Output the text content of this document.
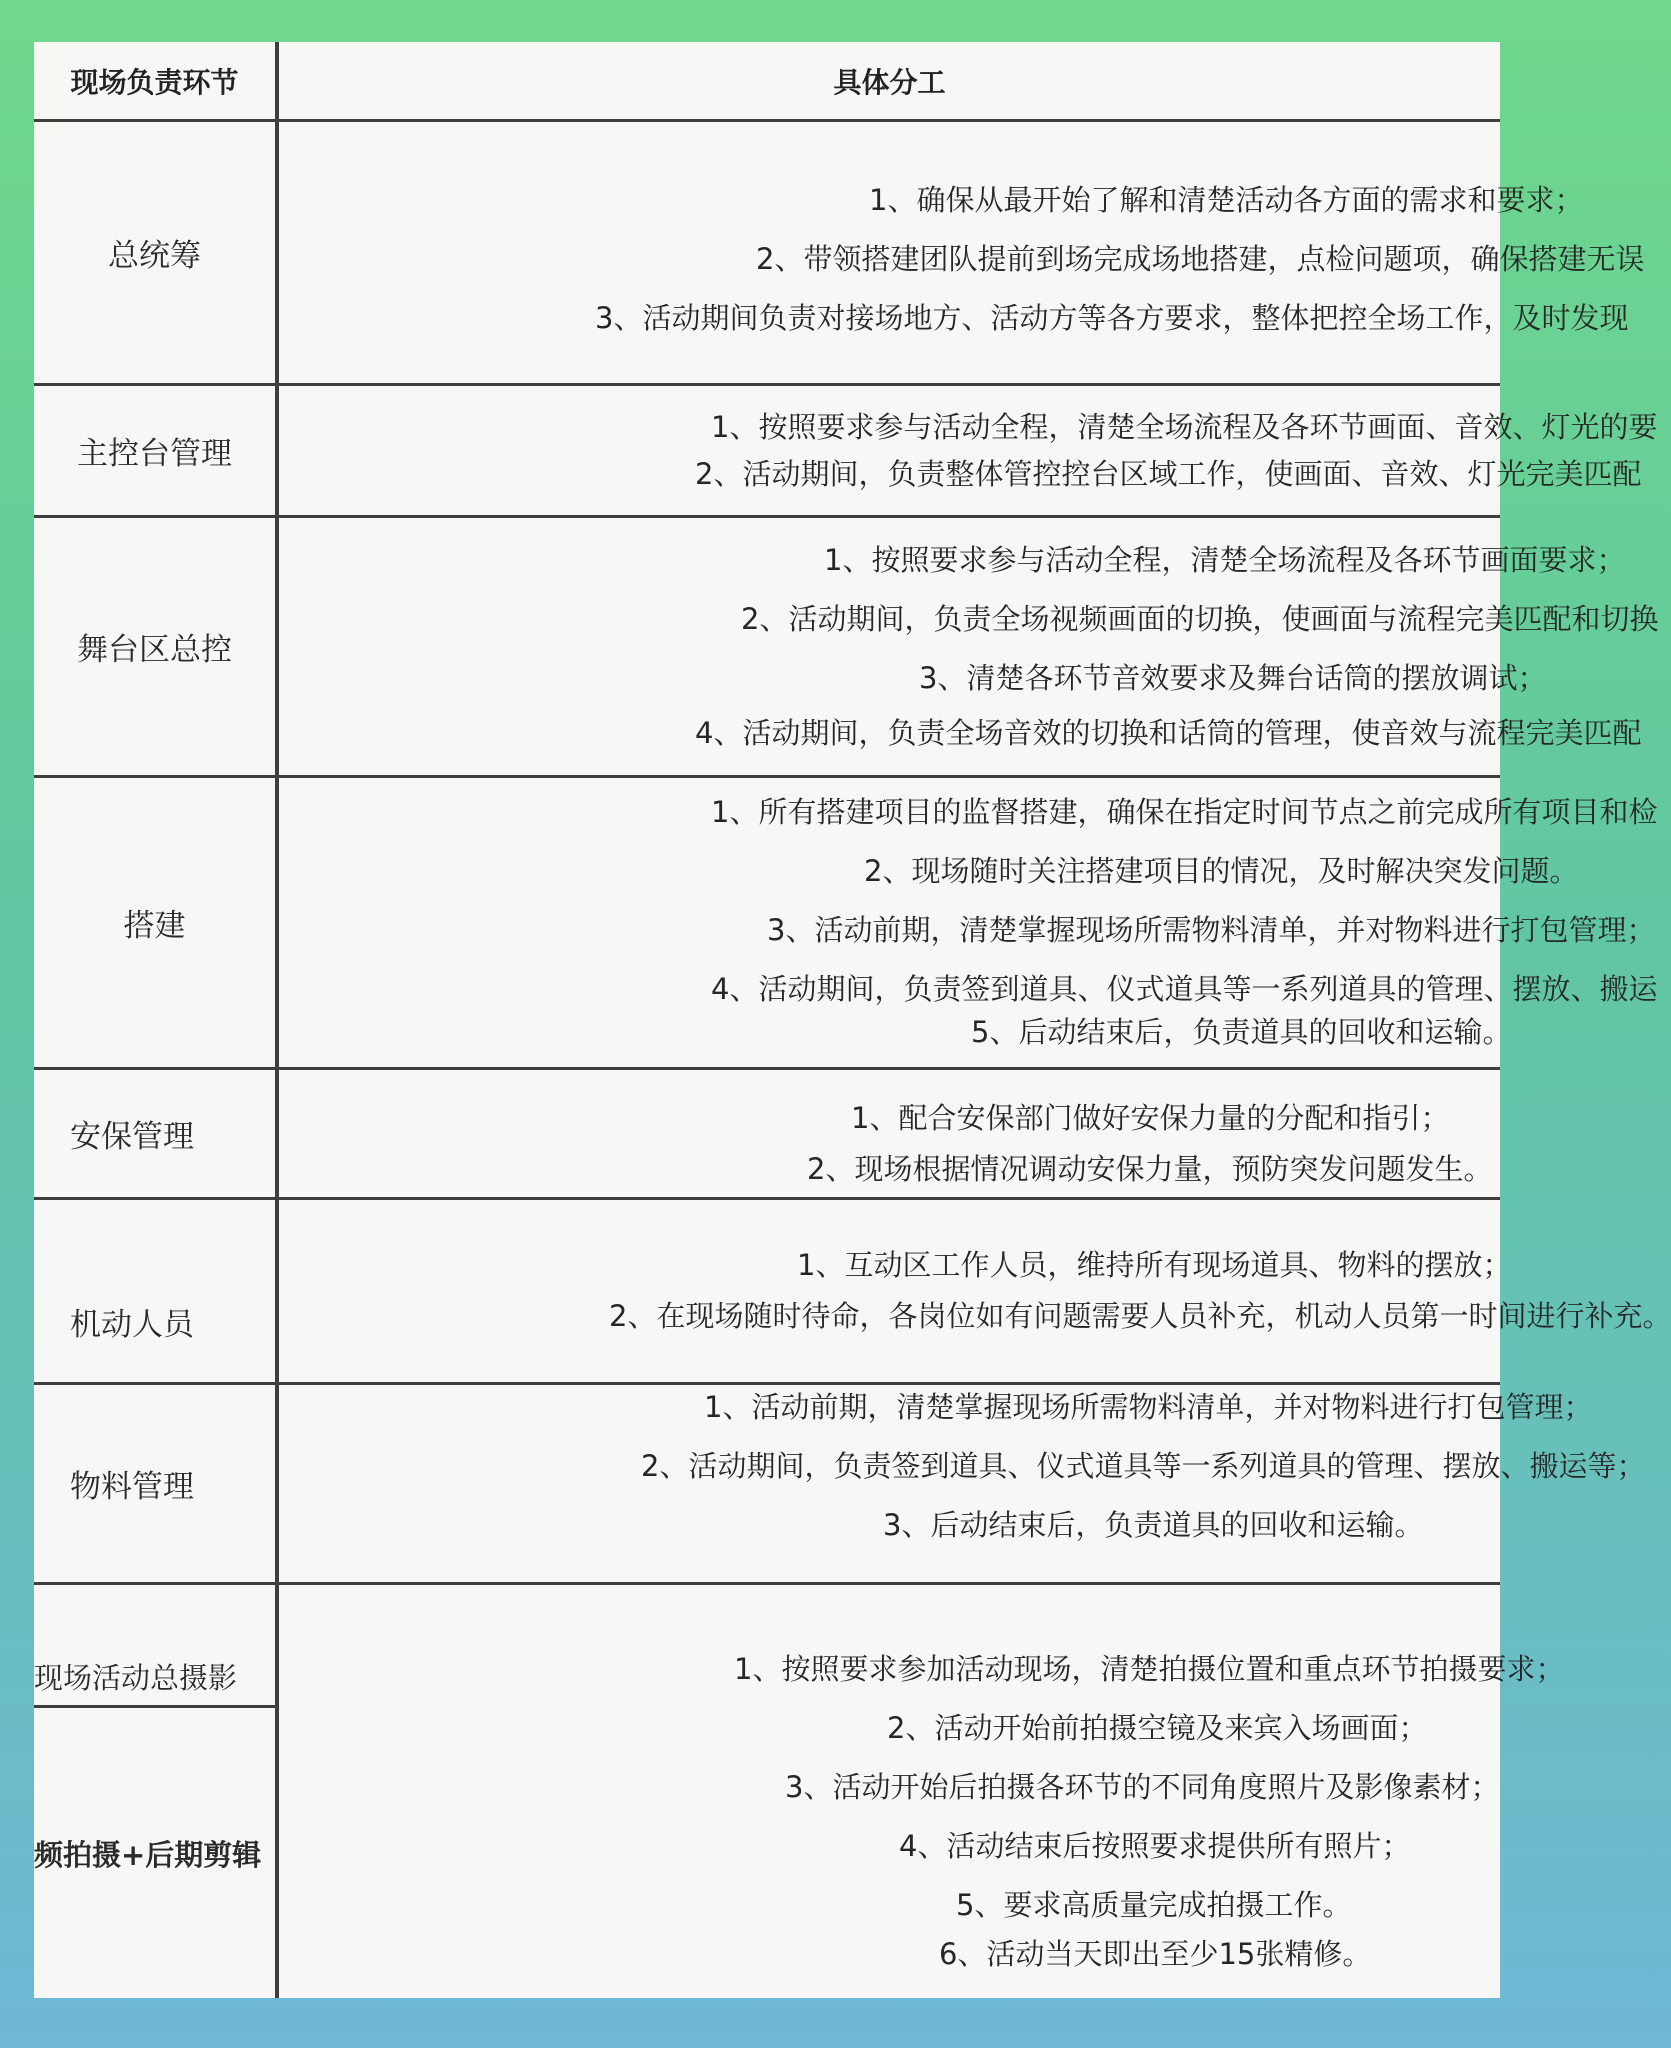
现场负责环节	具体分工
总统筹

1、确保从最开始了解和清楚活动各方面的需求和要求；

2、带领搭建团队提前到场完成场地搭建，点检问题项，确保搭建无误

3、活动期间负责对接场地方、活动方等各方要求，整体把控全场工作，及时发现

主控台管理

1、按照要求参与活动全程，清楚全场流程及各环节画面、音效、灯光的要

2、活动期间，负责整体管控控台区域工作，使画面、音效、灯光完美匹配

舞台区总控

1、按照要求参与活动全程，清楚全场流程及各环节画面要求；

2、活动期间，负责全场视频画面的切换，使画面与流程完美匹配和切换

3、清楚各环节音效要求及舞台话筒的摆放调试；

4、活动期间，负责全场音效的切换和话筒的管理，使音效与流程完美匹配

搭建

1、所有搭建项目的监督搭建，确保在指定时间节点之前完成所有项目和检

2、现场随时关注搭建项目的情况，及时解决突发问题。

3、活动前期，清楚掌握现场所需物料清单，并对物料进行打包管理；

4、活动期间，负责签到道具、仪式道具等一系列道具的管理、摆放、搬运

5、后动结束后，负责道具的回收和运输。

安保管理

1、配合安保部门做好安保力量的分配和指引；

2、现场根据情况调动安保力量，预防突发问题发生。

机动人员

1、互动区工作人员，维持所有现场道具、物料的摆放；

2、在现场随时待命，各岗位如有问题需要人员补充，机动人员第一时间进行补充。

物料管理

1、活动前期，清楚掌握现场所需物料清单，并对物料进行打包管理；

2、活动期间，负责签到道具、仪式道具等一系列道具的管理、摆放、搬运等；

3、后动结束后，负责道具的回收和运输。

现场活动总摄影	1、按照要求参加活动现场，清楚拍摄位置和重点环节拍摄要求；

2、活动开始前拍摄空镜及来宾入场画面；

3、活动开始后拍摄各环节的不同角度照片及影像素材；

4、活动结束后按照要求提供所有照片；

5、要求高质量完成拍摄工作。

6、活动当天即出至少15张精修。

频拍摄+后期剪辑
